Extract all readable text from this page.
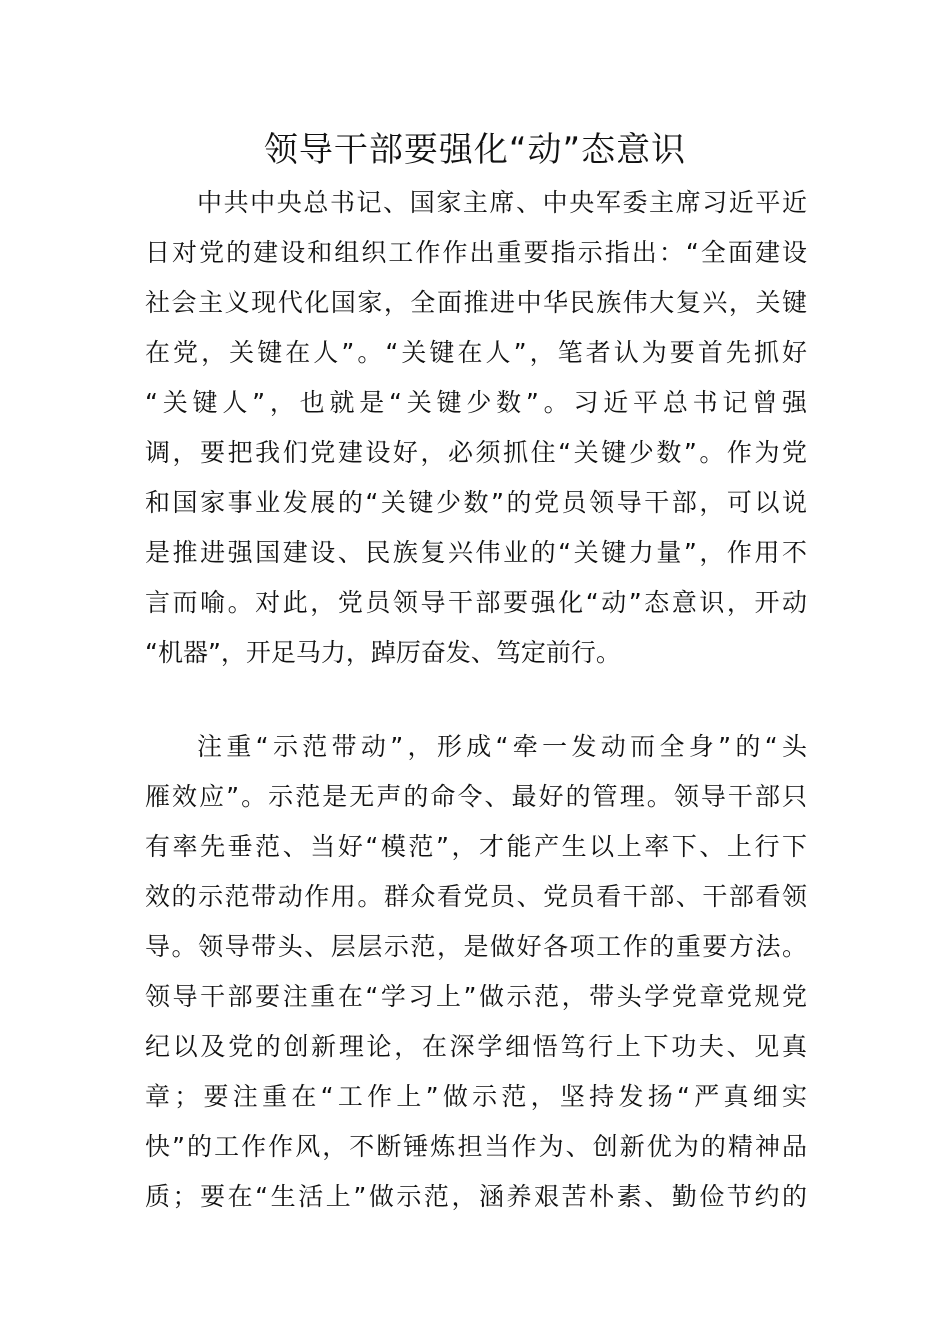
领导干部要强化“动”态意识
中共中央总书记、国家主席、中央军委主席习近平近
日对党的建设和组织工作作出重要指示指出：“全面建设
社会主义现代化国家，全面推进中华民族伟大复兴，关键
在党，关键在人”。“关键在人”，笔者认为要首先抓好
“关键人”，也就是“关键少数”。习近平总书记曾强
调，要把我们党建设好，必须抓住“关键少数”。作为党
和国家事业发展的“关键少数”的党员领导干部，可以说
是推进强国建设、民族复兴伟业的“关键力量”，作用不
言而喻。对此，党员领导干部要强化“动”态意识，开动
“机器”，开足马力，踔厉奋发、笃定前行。
注重“示范带动”，形成“牵一发动而全身”的“头
雁效应”。示范是无声的命令、最好的管理。领导干部只
有率先垂范、当好“模范”，才能产生以上率下、上行下
效的示范带动作用。群众看党员、党员看干部、干部看领
导。领导带头、层层示范，是做好各项工作的重要方法。
领导干部要注重在“学习上”做示范，带头学党章党规党
纪以及党的创新理论，在深学细悟笃行上下功夫、见真
章；要注重在“工作上”做示范，坚持发扬“严真细实
快”的工作作风，不断锤炼担当作为、创新优为的精神品
质；要在“生活上”做示范，涵养艰苦朴素、勤俭节约的
